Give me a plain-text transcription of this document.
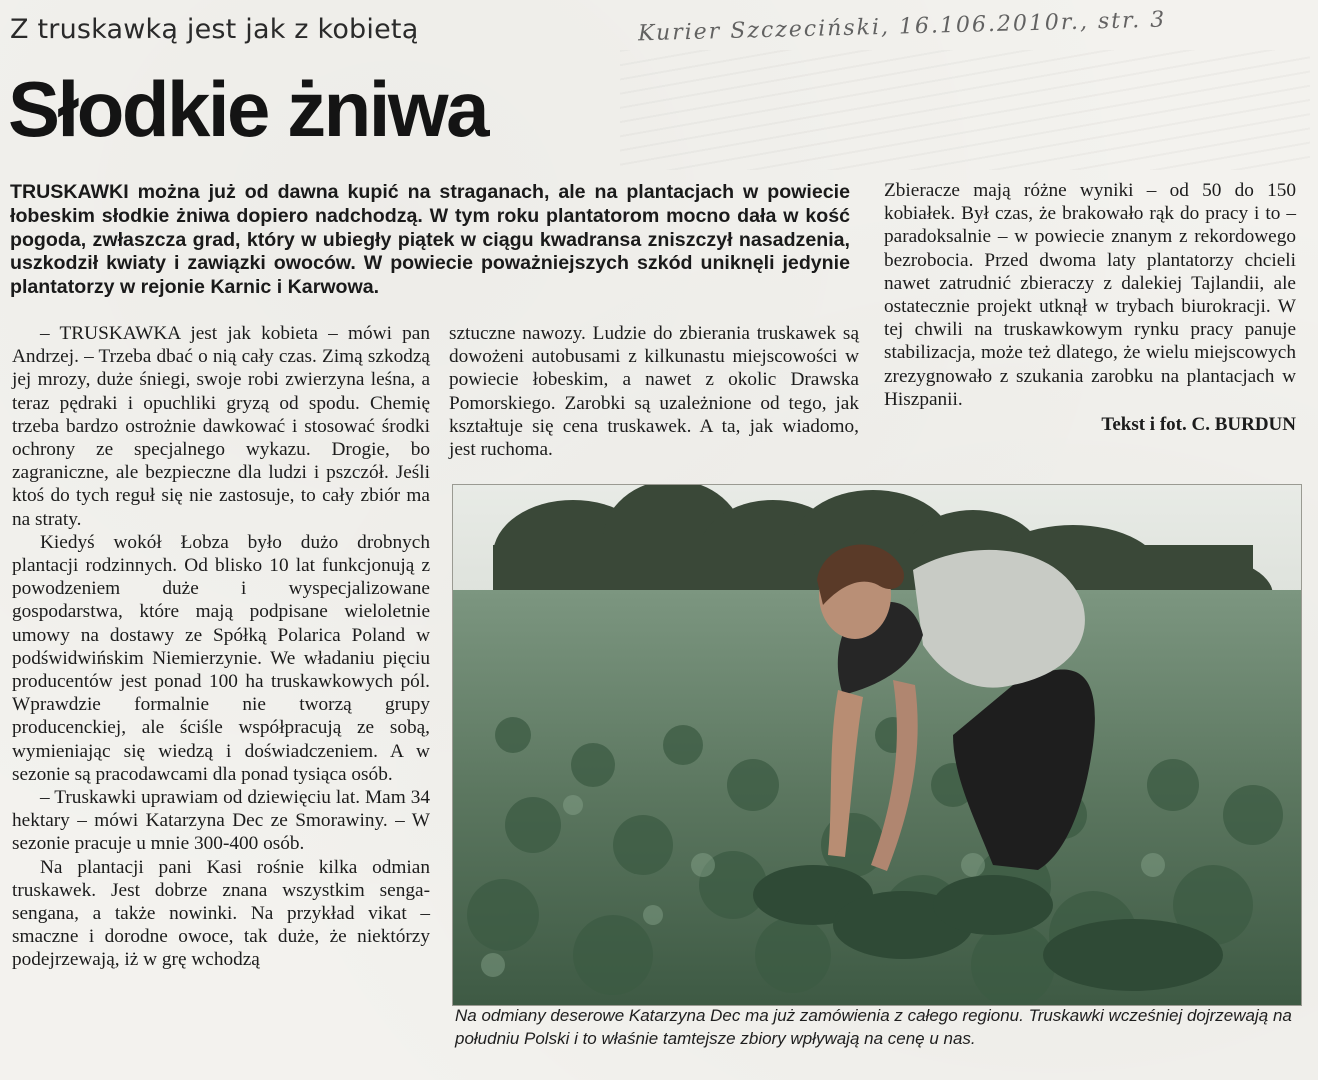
Z truskawką jest jak z kobietą	Kurier Szczeciński, 16.106.2010r., str. 3
Słodkie żniwa
TRUSKAWKI można już od dawna kupić na straganach, ale na plantacjach w powiecie łobeskim słodkie żniwa dopiero nadchodzą. W tym roku plantatorom mocno dała w kość pogoda, zwłaszcza grad, który w ubiegły piątek w ciągu kwadransa zniszczył nasadzenia, uszkodził kwiaty i zawiązki owoców. W powiecie poważniejszych szkód uniknęli jedynie plantatorzy w rejonie Karnic i Karwowa.

– TRUSKAWKA jest jak kobieta – mówi pan Andrzej. – Trzeba dbać o nią cały czas. Zimą szkodzą jej mrozy, duże śniegi, swoje robi zwierzyna leśna, a teraz pędraki i opuchliki gryzą od spodu. Chemię trzeba bardzo ostrożnie dawkować i stosować środki ochrony ze specjalnego wykazu. Drogie, bo zagraniczne, ale bezpieczne dla ludzi i pszczół. Jeśli ktoś do tych reguł się nie zastosuje, to cały zbiór ma na straty.

Kiedyś wokół Łobza było dużo drobnych plantacji rodzinnych. Od blisko 10 lat funkcjonują z powodzeniem duże i wyspecjalizowane gospodarstwa, które mają podpisane wieloletnie umowy na dostawy ze Spółką Polarica Poland w podświdwińskim Niemierzynie. We władaniu pięciu producentów jest ponad 100 ha truskawkowych pól. Wprawdzie formalnie nie tworzą grupy producenckiej, ale ściśle współpracują ze sobą, wymieniając się wiedzą i doświadczeniem. A w sezonie są pracodawcami dla ponad tysiąca osób.

– Truskawki uprawiam od dziewięciu lat. Mam 34 hektary – mówi Katarzyna Dec ze Smorawiny. – W sezonie pracuje u mnie 300-400 osób.

Na plantacji pani Kasi rośnie kilka odmian truskawek. Jest dobrze znana wszystkim senga-sengana, a także nowinki. Na przykład vikat – smaczne i dorodne owoce, tak duże, że niektórzy podejrzewają, iż w grę wchodzą

sztuczne nawozy. Ludzie do zbierania truskawek są dowożeni autobusami z kilkunastu miejscowości w powiecie łobeskim, a nawet z okolic Drawska Pomorskiego. Zarobki są uzależnione od tego, jak kształtuje się cena truskawek. A ta, jak wiadomo, jest ruchoma.

Zbieracze mają różne wyniki – od 50 do 150 kobiałek. Był czas, że brakowało rąk do pracy i to – paradoksalnie – w powiecie znanym z rekordowego bezrobocia. Przed dwoma laty plantatorzy chcieli nawet zatrudnić zbieraczy z dalekiej Tajlandii, ale ostatecznie projekt utknął w trybach biurokracji. W tej chwili na truskawkowym rynku pracy panuje stabilizacja, może też dlatego, że wielu miejscowych zrezygnowało z szukania zarobku na plantacjach w Hiszpanii.

Tekst i fot. C. BURDUN
Na odmiany deserowe Katarzyna Dec ma już zamówienia z całego regionu. Truskawki wcześniej dojrzewają na południu Polski i to właśnie tamtejsze zbiory wpływają na cenę u nas.
